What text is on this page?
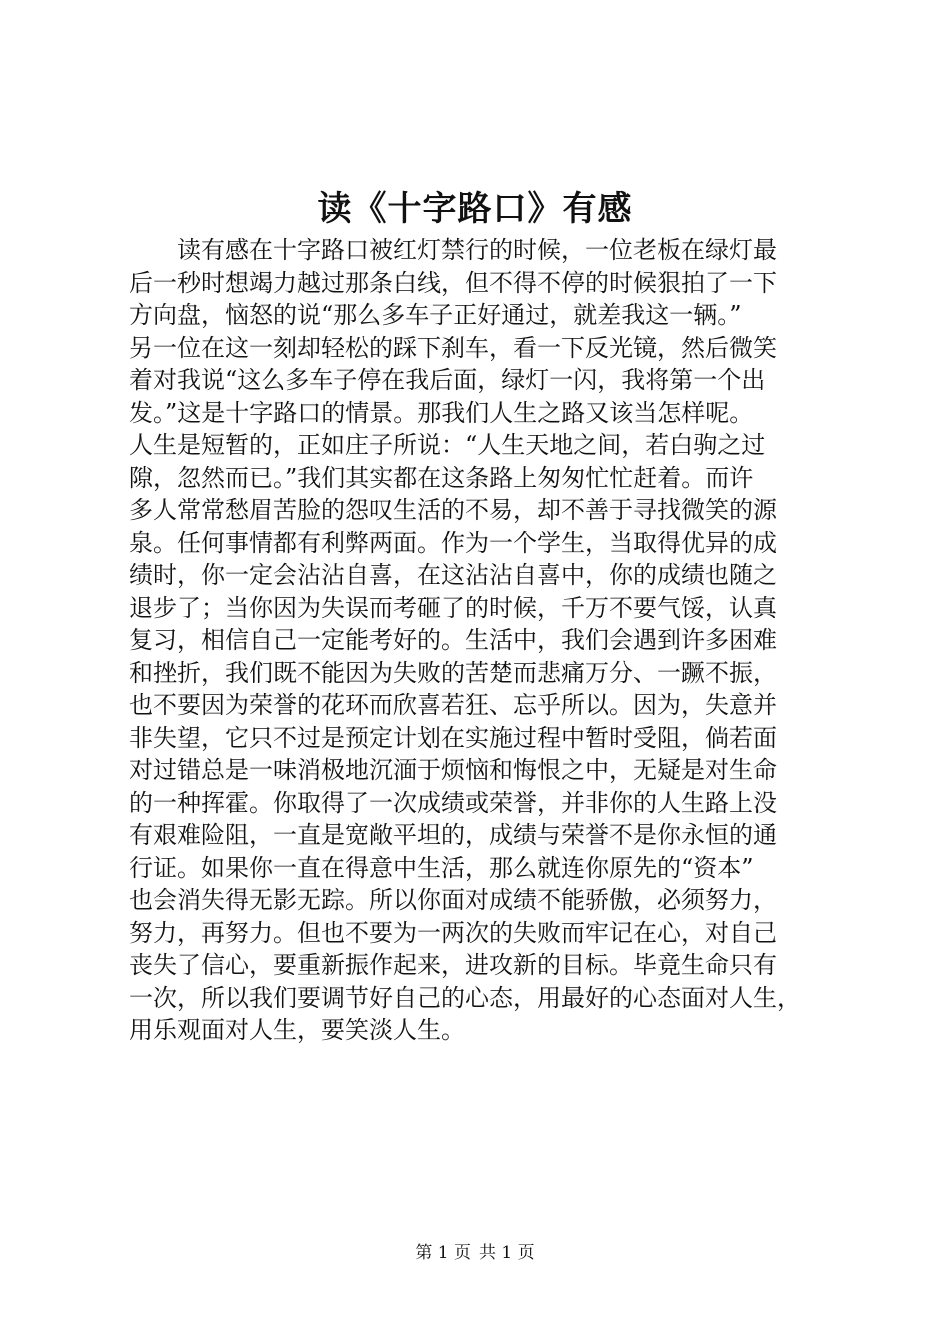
读《十字路口》有感
读有感在十字路口被红灯禁行的时候，一位老板在绿灯最
后一秒时想竭力越过那条白线，但不得不停的时候狠拍了一下
方向盘，恼怒的说“那么多车子正好通过，就差我这一辆。”
另一位在这一刻却轻松的踩下刹车，看一下反光镜，然后微笑
着对我说“这么多车子停在我后面，绿灯一闪，我将第一个出
发。”这是十字路口的情景。那我们人生之路又该当怎样呢。
人生是短暂的，正如庄子所说：“人生天地之间，若白驹之过
隙，忽然而已。”我们其实都在这条路上匆匆忙忙赶着。而许
多人常常愁眉苦脸的怨叹生活的不易，却不善于寻找微笑的源
泉。任何事情都有利弊两面。作为一个学生，当取得优异的成
绩时，你一定会沾沾自喜，在这沾沾自喜中，你的成绩也随之
退步了；当你因为失误而考砸了的时候，千万不要气馁，认真
复习，相信自己一定能考好的。生活中，我们会遇到许多困难
和挫折，我们既不能因为失败的苦楚而悲痛万分、一蹶不振，
也不要因为荣誉的花环而欣喜若狂、忘乎所以。因为，失意并
非失望，它只不过是预定计划在实施过程中暂时受阻，倘若面
对过错总是一味消极地沉湎于烦恼和悔恨之中，无疑是对生命
的一种挥霍。你取得了一次成绩或荣誉，并非你的人生路上没
有艰难险阻，一直是宽敞平坦的，成绩与荣誉不是你永恒的通
行证。如果你一直在得意中生活，那么就连你原先的“资本”
也会消失得无影无踪。所以你面对成绩不能骄傲，必须努力，
努力，再努力。但也不要为一两次的失败而牢记在心，对自己
丧失了信心，要重新振作起来，进攻新的目标。毕竟生命只有
一次，所以我们要调节好自己的心态，用最好的心态面对人生，
用乐观面对人生，要笑淡人生。
第 1 页 共 1 页
